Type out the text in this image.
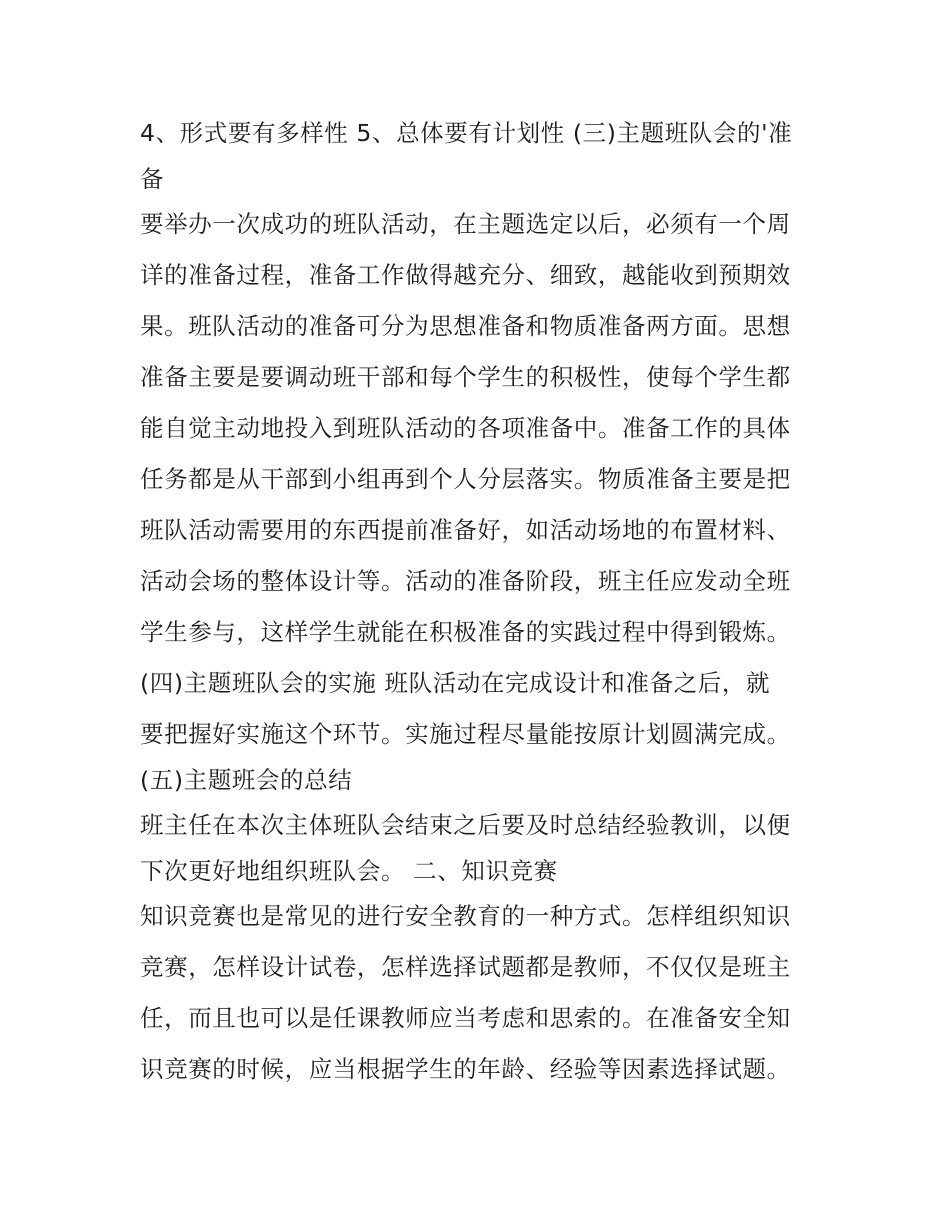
4、形式要有多样性 5、总体要有计划性 (三)主题班队会的'准

备

要举办一次成功的班队活动，在主题选定以后，必须有一个周

详的准备过程，准备工作做得越充分、细致，越能收到预期效

果。班队活动的准备可分为思想准备和物质准备两方面。思想

准备主要是要调动班干部和每个学生的积极性，使每个学生都

能自觉主动地投入到班队活动的各项准备中。准备工作的具体

任务都是从干部到小组再到个人分层落实。物质准备主要是把

班队活动需要用的东西提前准备好，如活动场地的布置材料、

活动会场的整体设计等。活动的准备阶段，班主任应发动全班

学生参与，这样学生就能在积极准备的实践过程中得到锻炼。

(四)主题班队会的实施 班队活动在完成设计和准备之后，就

要把握好实施这个环节。实施过程尽量能按原计划圆满完成。

(五)主题班会的总结

班主任在本次主体班队会结束之后要及时总结经验教训，以便

下次更好地组织班队会。 二、知识竞赛

知识竞赛也是常见的进行安全教育的一种方式。怎样组织知识

竞赛，怎样设计试卷，怎样选择试题都是教师，不仅仅是班主

任，而且也可以是任课教师应当考虑和思索的。在准备安全知

识竞赛的时候，应当根据学生的年龄、经验等因素选择试题。
